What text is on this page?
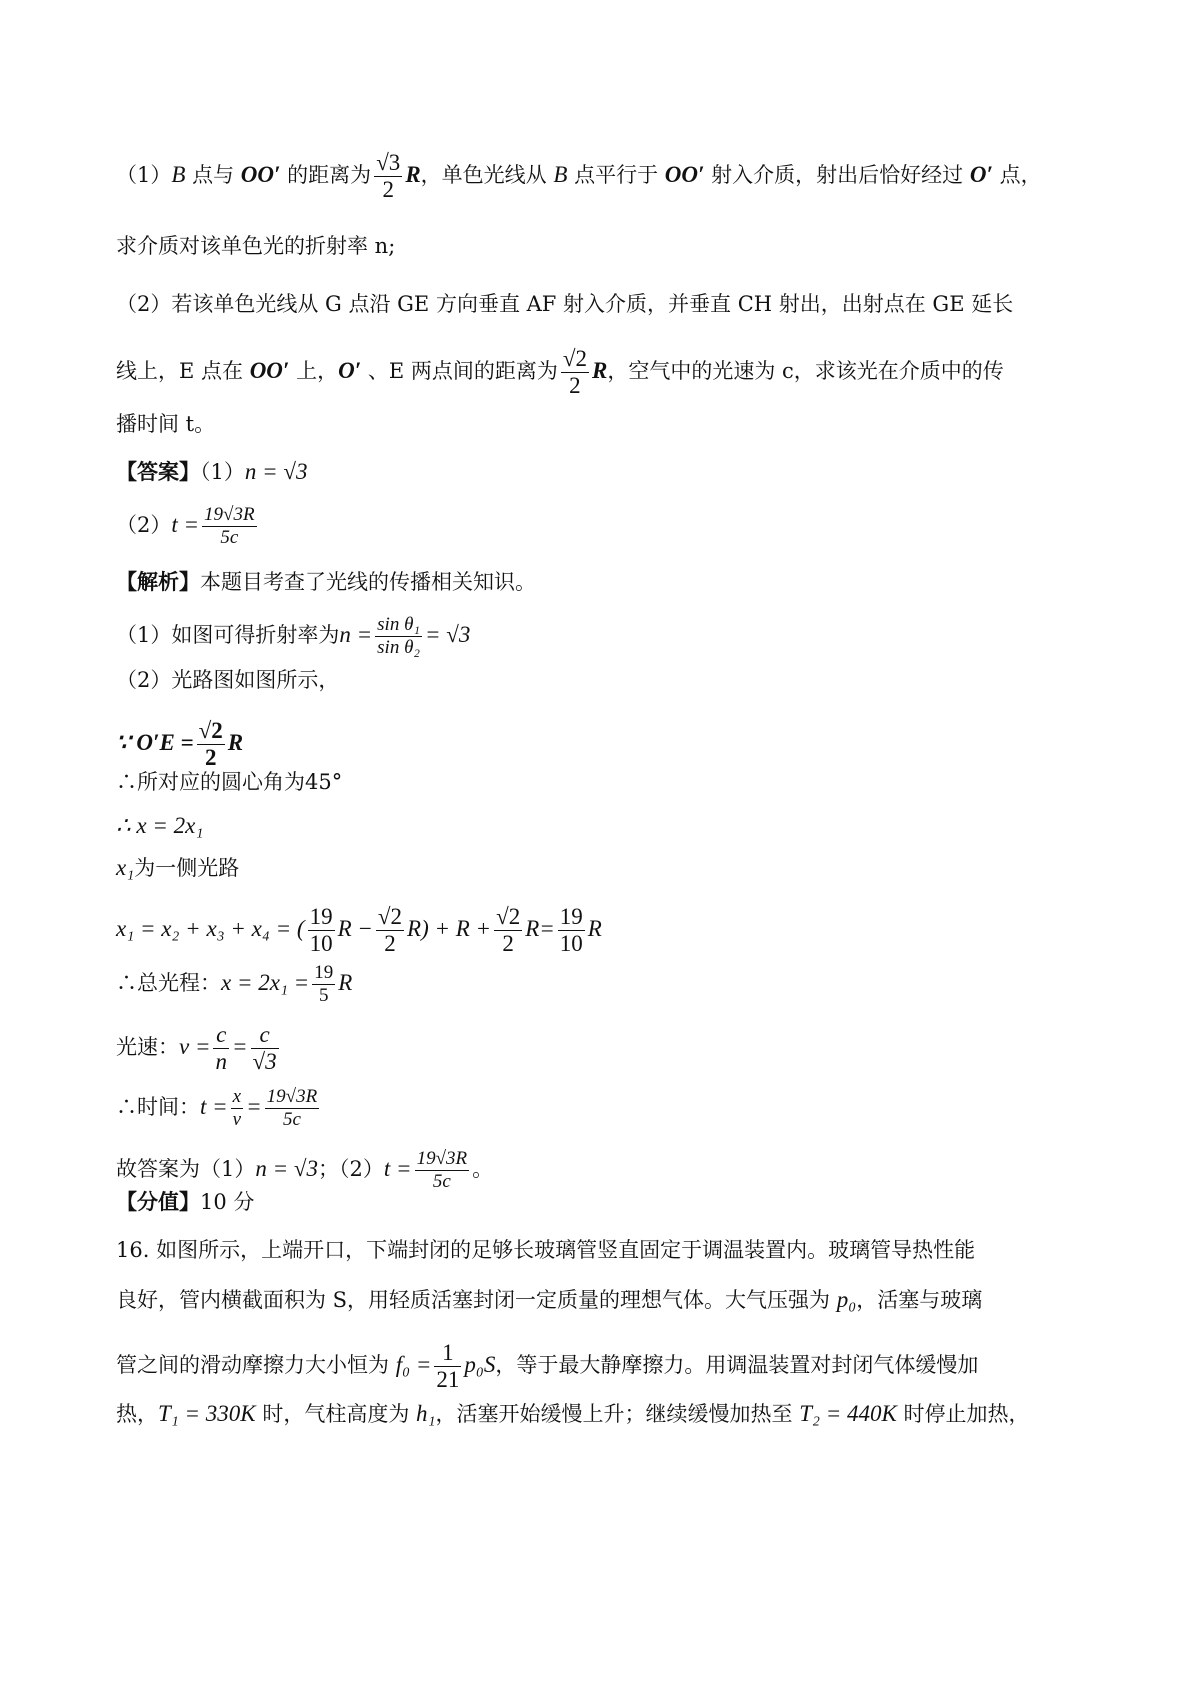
（1）B 点与 OO′ 的距离为 $\frac{√3}{2}$ R，单色光线从 B 点平行于 OO′ 射入介质，射出后恰好经过 O′ 点，
求介质对该单色光的折射率 n;
（2）若该单色光线从 G 点沿 GE 方向垂直 AF 射入介质，并垂直 CH 射出，出射点在 GE 延长
线上，E 点在 OO′ 上，O′ 、E 两点间的距离为 $\frac{√2}{2}$ R，空气中的光速为 c，求该光在介质中的传
播时间 t。
【答案】（1）n = √3
$(2)t = \frac{19√3R}{5c}$
【解析】本题目考查了光线的传播相关知识。
（1）如图可得折射率为$n = \frac{\text{sin θ₁}}{\text{sin θ₂}} = √3$
（2）光路图如图所示，
∵ $O'E = \frac{√2}{2}$ R
∴所对应的圆心角为45°
∴ x = 2x₁
x₁为一侧光路
x₁ = x₂ + x₃ + x₄ = ( $\frac{19}{10}$ $R - \frac{√2}{2} R) + R + \frac{√2}{2} R= \frac{19}{10}$ R
∴总光程：$x = 2x_1 = \frac{19}{5}$ R
光速：$v = \frac{c}{n} = \frac{c}{√3}$
∴时间：$t = \frac{x}{v} = \frac{19√3R}{5c}$
故答案为（1）n = √3；$(2)t = \frac{19√3R}{5c}$ 。
【分值】10 分
16. 如图所示，上端开口，下端封闭的足够长玻璃管竖直固定于调温装置内。玻璃管导热性能
良好，管内横截面积为 S，用轻质活塞封闭一定质量的理想气体。大气压强为 p₀，活塞与玻璃
管之间的滑动摩擦力大小恒为 $f_0 = \frac{1}{21} p_0S$，等于最大静摩擦力。用调温装置对封闭气体缓慢加
热，T₁ = 330K 时，气柱高度为 h₁，活塞开始缓慢上升；继续缓慢加热至 T₂ = 440K 时停止加热，
